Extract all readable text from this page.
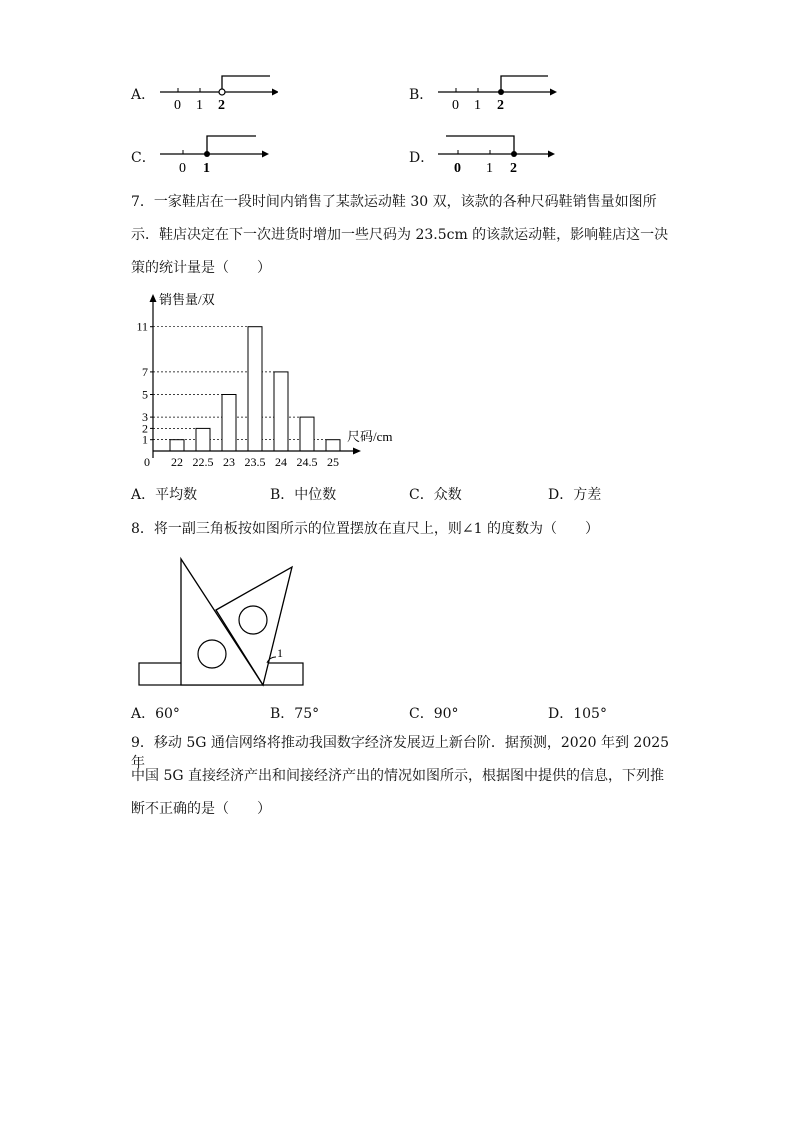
A．
0 1 2
B．
0 1 2
C．
0 1
D．
0 1 2
7．一家鞋店在一段时间内销售了某款运动鞋 30 双，该款的各种尺码鞋销售量如图所
示．鞋店决定在下一次进货时增加一些尺码为 23.5cm 的该款运动鞋，影响鞋店这一决
策的统计量是（　　）
1
2
3
5
7
11
22 22.5 23 23.5 24 24.5 25
销售量/双
尺码/cm
0
A．平均数	B．中位数	C．众数	D．方差
8．将一副三角板按如图所示的位置摆放在直尺上，则∠1 的度数为（　　）
1
A．60°	B．75°	C．90°	D．105°
9．移动 5G 通信网络将推动我国数字经济发展迈上新台阶．据预测，2020 年到 2025 年
中国 5G 直接经济产出和间接经济产出的情况如图所示，根据图中提供的信息，下列推
断不正确的是（　　）
